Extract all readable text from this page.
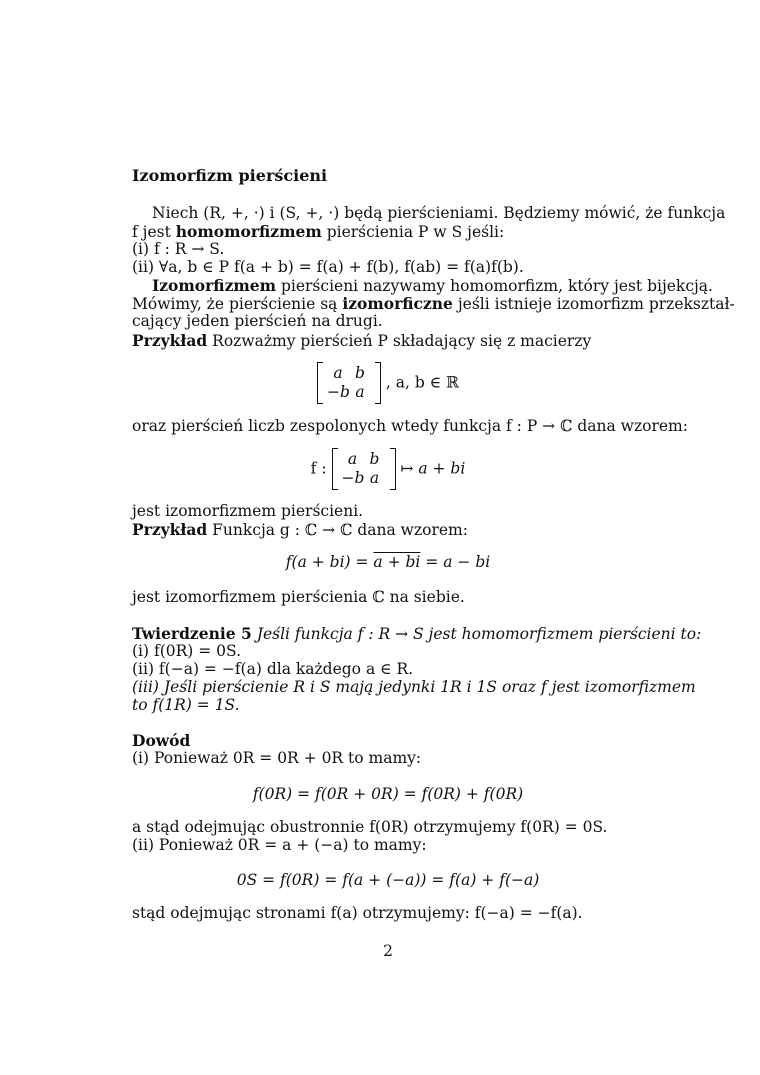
Izomorfizm pierścieni
Niech (R, +, ·) i (S, +, ·) będą pierścieniami. Będziemy mówić, że funkcja
f jest homomorfizmem pierścienia P w S jeśli:
(i) f : R → S.
(ii) ∀a, b ∈ P f(a + b) = f(a) + f(b), f(ab) = f(a)f(b).
Izomorfizmem pierścieni nazywamy homomorfizm, który jest bijekcją.
Mówimy, że pierścienie są izomorficzne jeśli istnieje izomorfizm przekształ-
cający jeden pierścień na drugi.
Przykład Rozważmy pierścień P składający się z macierzy
a b
−b a
, a, b ∈ ℝ
oraz pierścień liczb zespolonych wtedy funkcja f : P → ℂ dana wzorem:
f :
a b
−b a
↦ a + bi
jest izomorfizmem pierścieni.
Przykład Funkcja g : ℂ → ℂ dana wzorem:
f(a + bi) = a + bi = a − bi
jest izomorfizmem pierścienia ℂ na siebie.
Twierdzenie 5 Jeśli funkcja f : R → S jest homomorfizmem pierścieni to:
(i) f(0R) = 0S.
(ii) f(−a) = −f(a) dla każdego a ∈ R.
(iii) Jeśli pierścienie R i S mają jedynki 1R i 1S oraz f jest izomorfizmem
to f(1R) = 1S.
Dowód
(i) Ponieważ 0R = 0R + 0R to mamy:
f(0R) = f(0R + 0R) = f(0R) + f(0R)
a stąd odejmując obustronnie f(0R) otrzymujemy f(0R) = 0S.
(ii) Ponieważ 0R = a + (−a) to mamy:
0S = f(0R) = f(a + (−a)) = f(a) + f(−a)
stąd odejmując stronami f(a) otrzymujemy: f(−a) = −f(a).
2
